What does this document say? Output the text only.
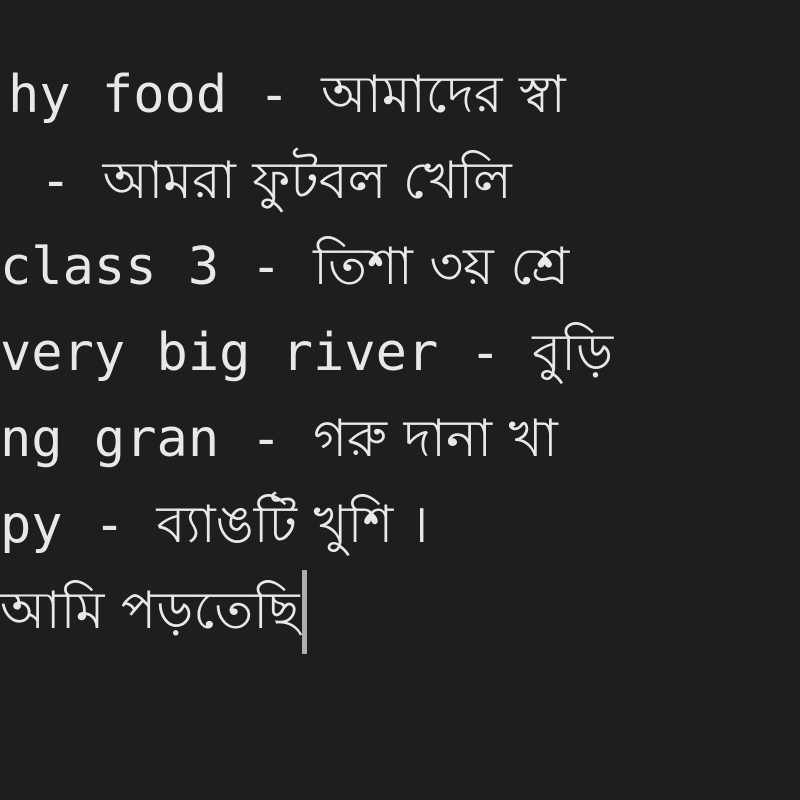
hy food - আমাদের স্বা
- আমরা ফুটবল খেলি
class 3 - তিশা ৩য় শ্রে
very big river - বুড়ি
ng gran - গরু দানা খা
py - ব্যাঙটি খুশি ।
আমি পড়তেছি
